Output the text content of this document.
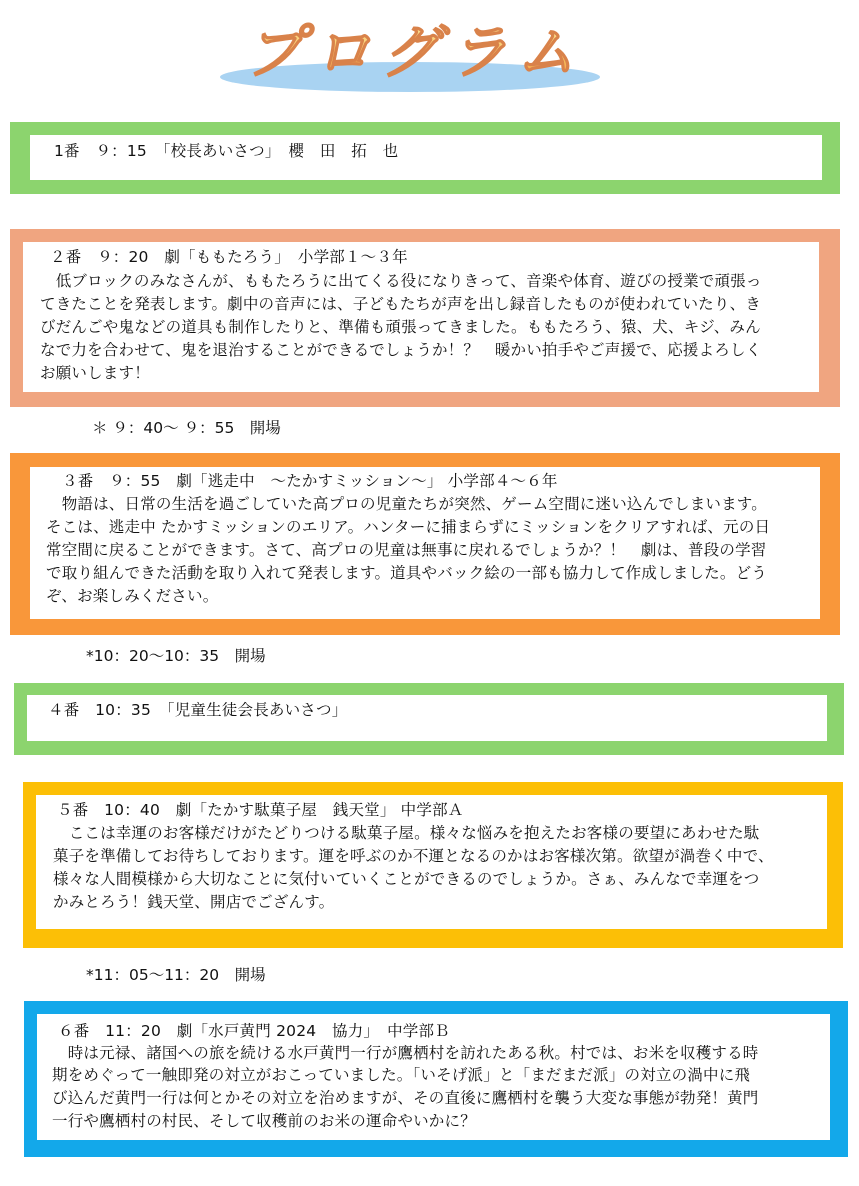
プログラム
1番　９：15　「校長あいさつ」　櫻　田　拓　也
２番　９：20　劇「ももたろう」　小学部１～３年
　低ブロックのみなさんが、ももたろうに出てくる役になりきって、音楽や体育、遊びの授業で頑張っ
てきたことを発表します。劇中の音声には、子どもたちが声を出し録音したものが使われていたり、き
びだんごや鬼などの道具も制作したりと、準備も頑張ってきました。ももたろう、猿、犬、キジ、みん
なで力を合わせて、鬼を退治することができるでしょうか！？　暖かい拍手やご声援で、応援よろしく
お願いします！
＊ ９：40～ ９：55　開場
３番　９：55　劇「逃走中　～たかすミッション～」 小学部４～６年
　物語は、日常の生活を過ごしていた高プロの児童たちが突然、ゲーム空間に迷い込んでしまいます。
そこは、逃走中 たかすミッションのエリア。ハンターに捕まらずにミッションをクリアすれば、元の日
常空間に戻ることができます。さて、高プロの児童は無事に戻れるでしょうか？！　劇は、普段の学習
で取り組んできた活動を取り入れて発表します。道具やバック絵の一部も協力して作成しました。どう
ぞ、お楽しみください。
*10：20～10：35　開場
４番　10：35　「児童生徒会長あいさつ」
５番　10：40　劇「たかす駄菓子屋　銭天堂」 中学部Ａ
　ここは幸運のお客様だけがたどりつける駄菓子屋。様々な悩みを抱えたお客様の要望にあわせた駄
菓子を準備してお待ちしております。運を呼ぶのか不運となるのかはお客様次第。欲望が渦巻く中で、
様々な人間模様から大切なことに気付いていくことができるのでしょうか。さぁ、みんなで幸運をつ
かみとろう！銭天堂、開店でござんす。
*11：05～11：20　開場
６番　11：20　劇「水戸黄門 2024　協力」　中学部Ｂ
　時は元禄、諸国への旅を続ける水戸黄門一行が鷹栖村を訪れたある秋。村では、お米を収穫する時
期をめぐって一触即発の対立がおこっていました。「いそげ派」と「まだまだ派」の対立の渦中に飛
び込んだ黄門一行は何とかその対立を治めますが、その直後に鷹栖村を襲う大変な事態が勃発！黄門
一行や鷹栖村の村民、そして収穫前のお米の運命やいかに？
